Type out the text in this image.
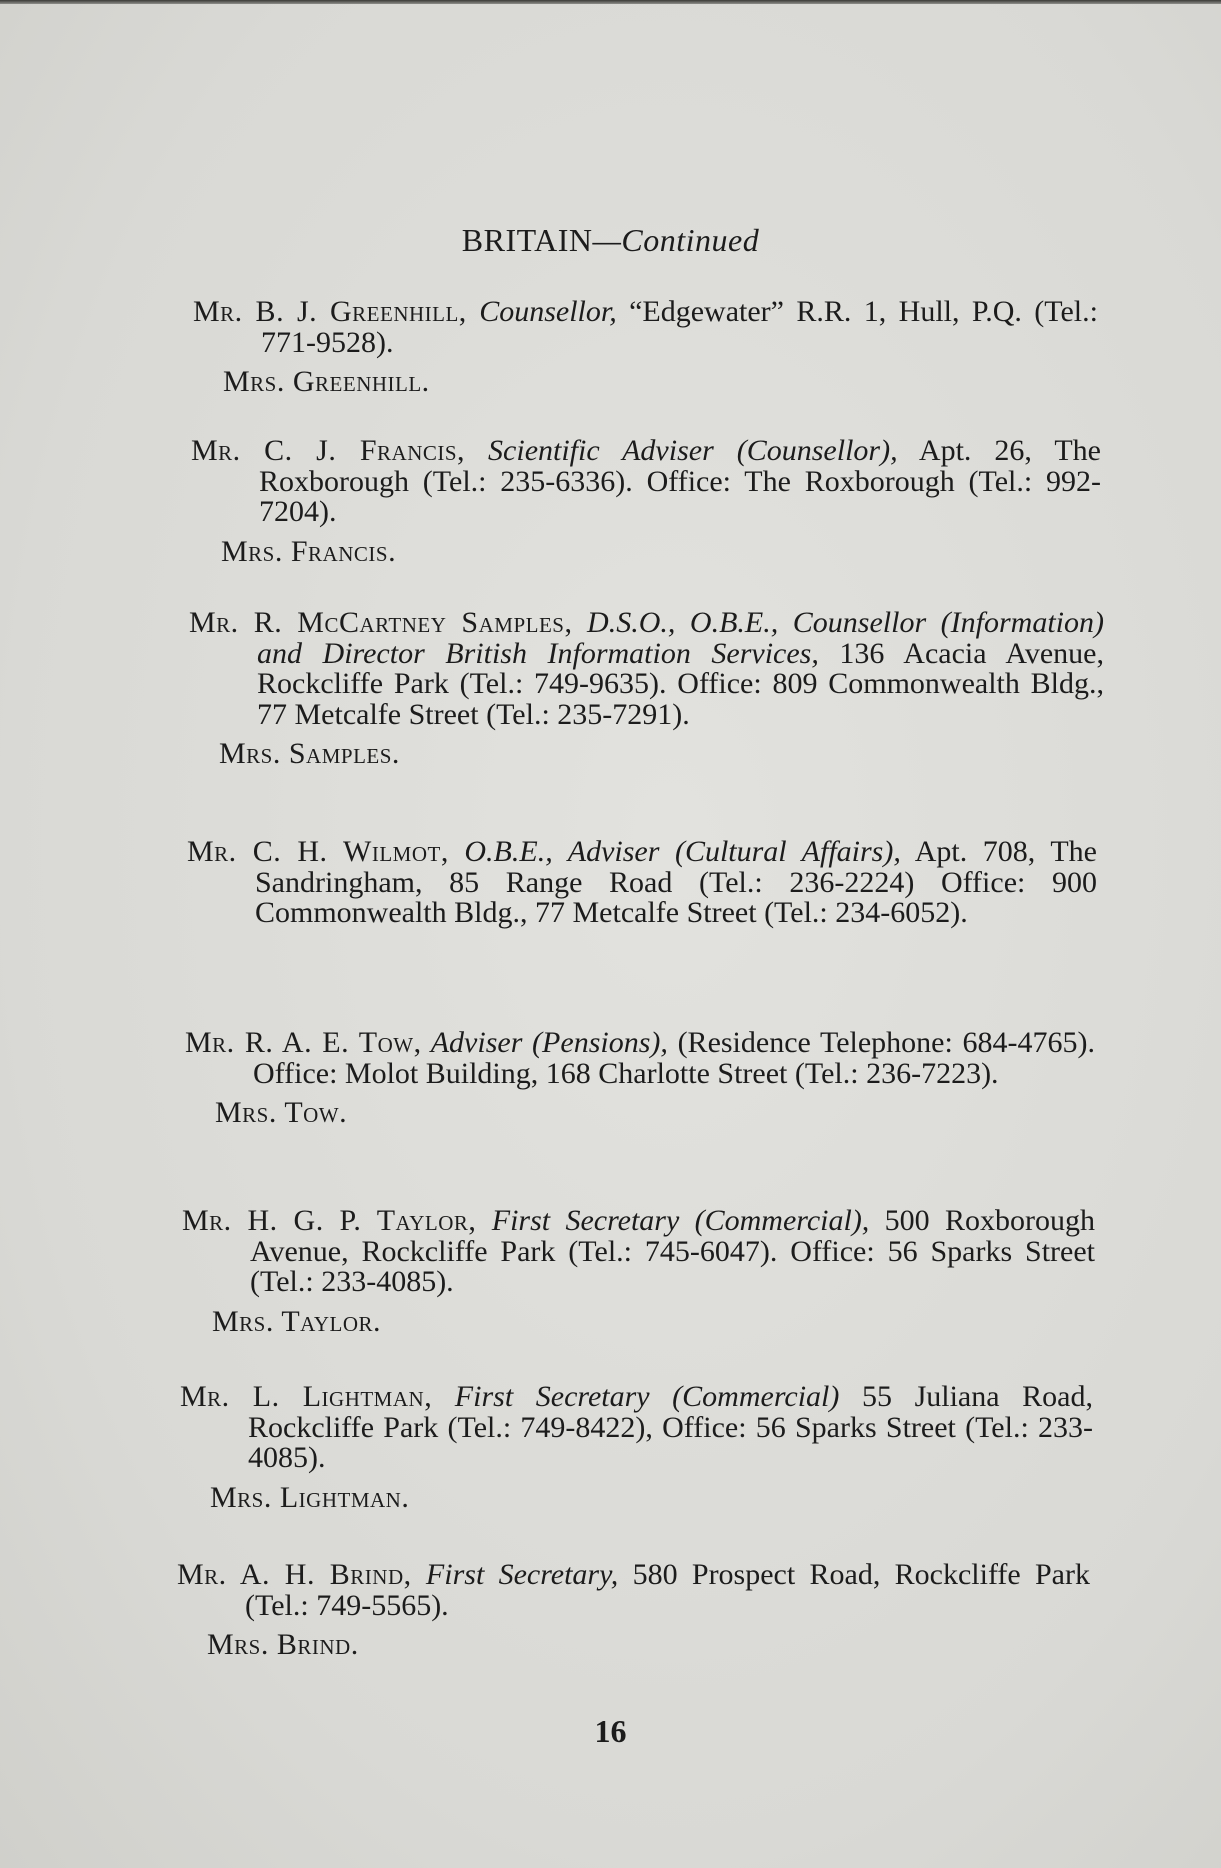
BRITAIN—Continued

Mr. B. J. Greenhill, Counsellor, “Edgewater” R.R. 1, Hull, P.Q. (Tel.: 771-9528).

Mrs. Greenhill.

Mr. C. J. Francis, Scientific Adviser (Counsellor), Apt. 26, The Roxborough (Tel.: 235-6336). Office: The Roxborough (Tel.: 992-7204).

Mrs. Francis.

Mr. R. McCartney Samples, D.S.O., O.B.E., Counsellor (Information) and Director British Information Services, 136 Acacia Avenue, Rockcliffe Park (Tel.: 749-9635). Office: 809 Commonwealth Bldg., 77 Metcalfe Street (Tel.: 235-7291).

Mrs. Samples.

Mr. C. H. Wilmot, O.B.E., Adviser (Cultural Affairs), Apt. 708, The Sandringham, 85 Range Road (Tel.: 236-2224) Office: 900 Commonwealth Bldg., 77 Metcalfe Street (Tel.: 234-6052).

Mr. R. A. E. Tow, Adviser (Pensions), (Residence Telephone: 684-4765). Office: Molot Building, 168 Charlotte Street (Tel.: 236-7223).

Mrs. Tow.

Mr. H. G. P. Taylor, First Secretary (Commercial), 500 Roxborough Avenue, Rockcliffe Park (Tel.: 745-6047). Office: 56 Sparks Street (Tel.: 233-4085).

Mrs. Taylor.

Mr. L. Lightman, First Secretary (Commercial) 55 Juliana Road, Rockcliffe Park (Tel.: 749-8422), Office: 56 Sparks Street (Tel.: 233-4085).

Mrs. Lightman.

Mr. A. H. Brind, First Secretary, 580 Prospect Road, Rockcliffe Park (Tel.: 749-5565).

Mrs. Brind.

16
